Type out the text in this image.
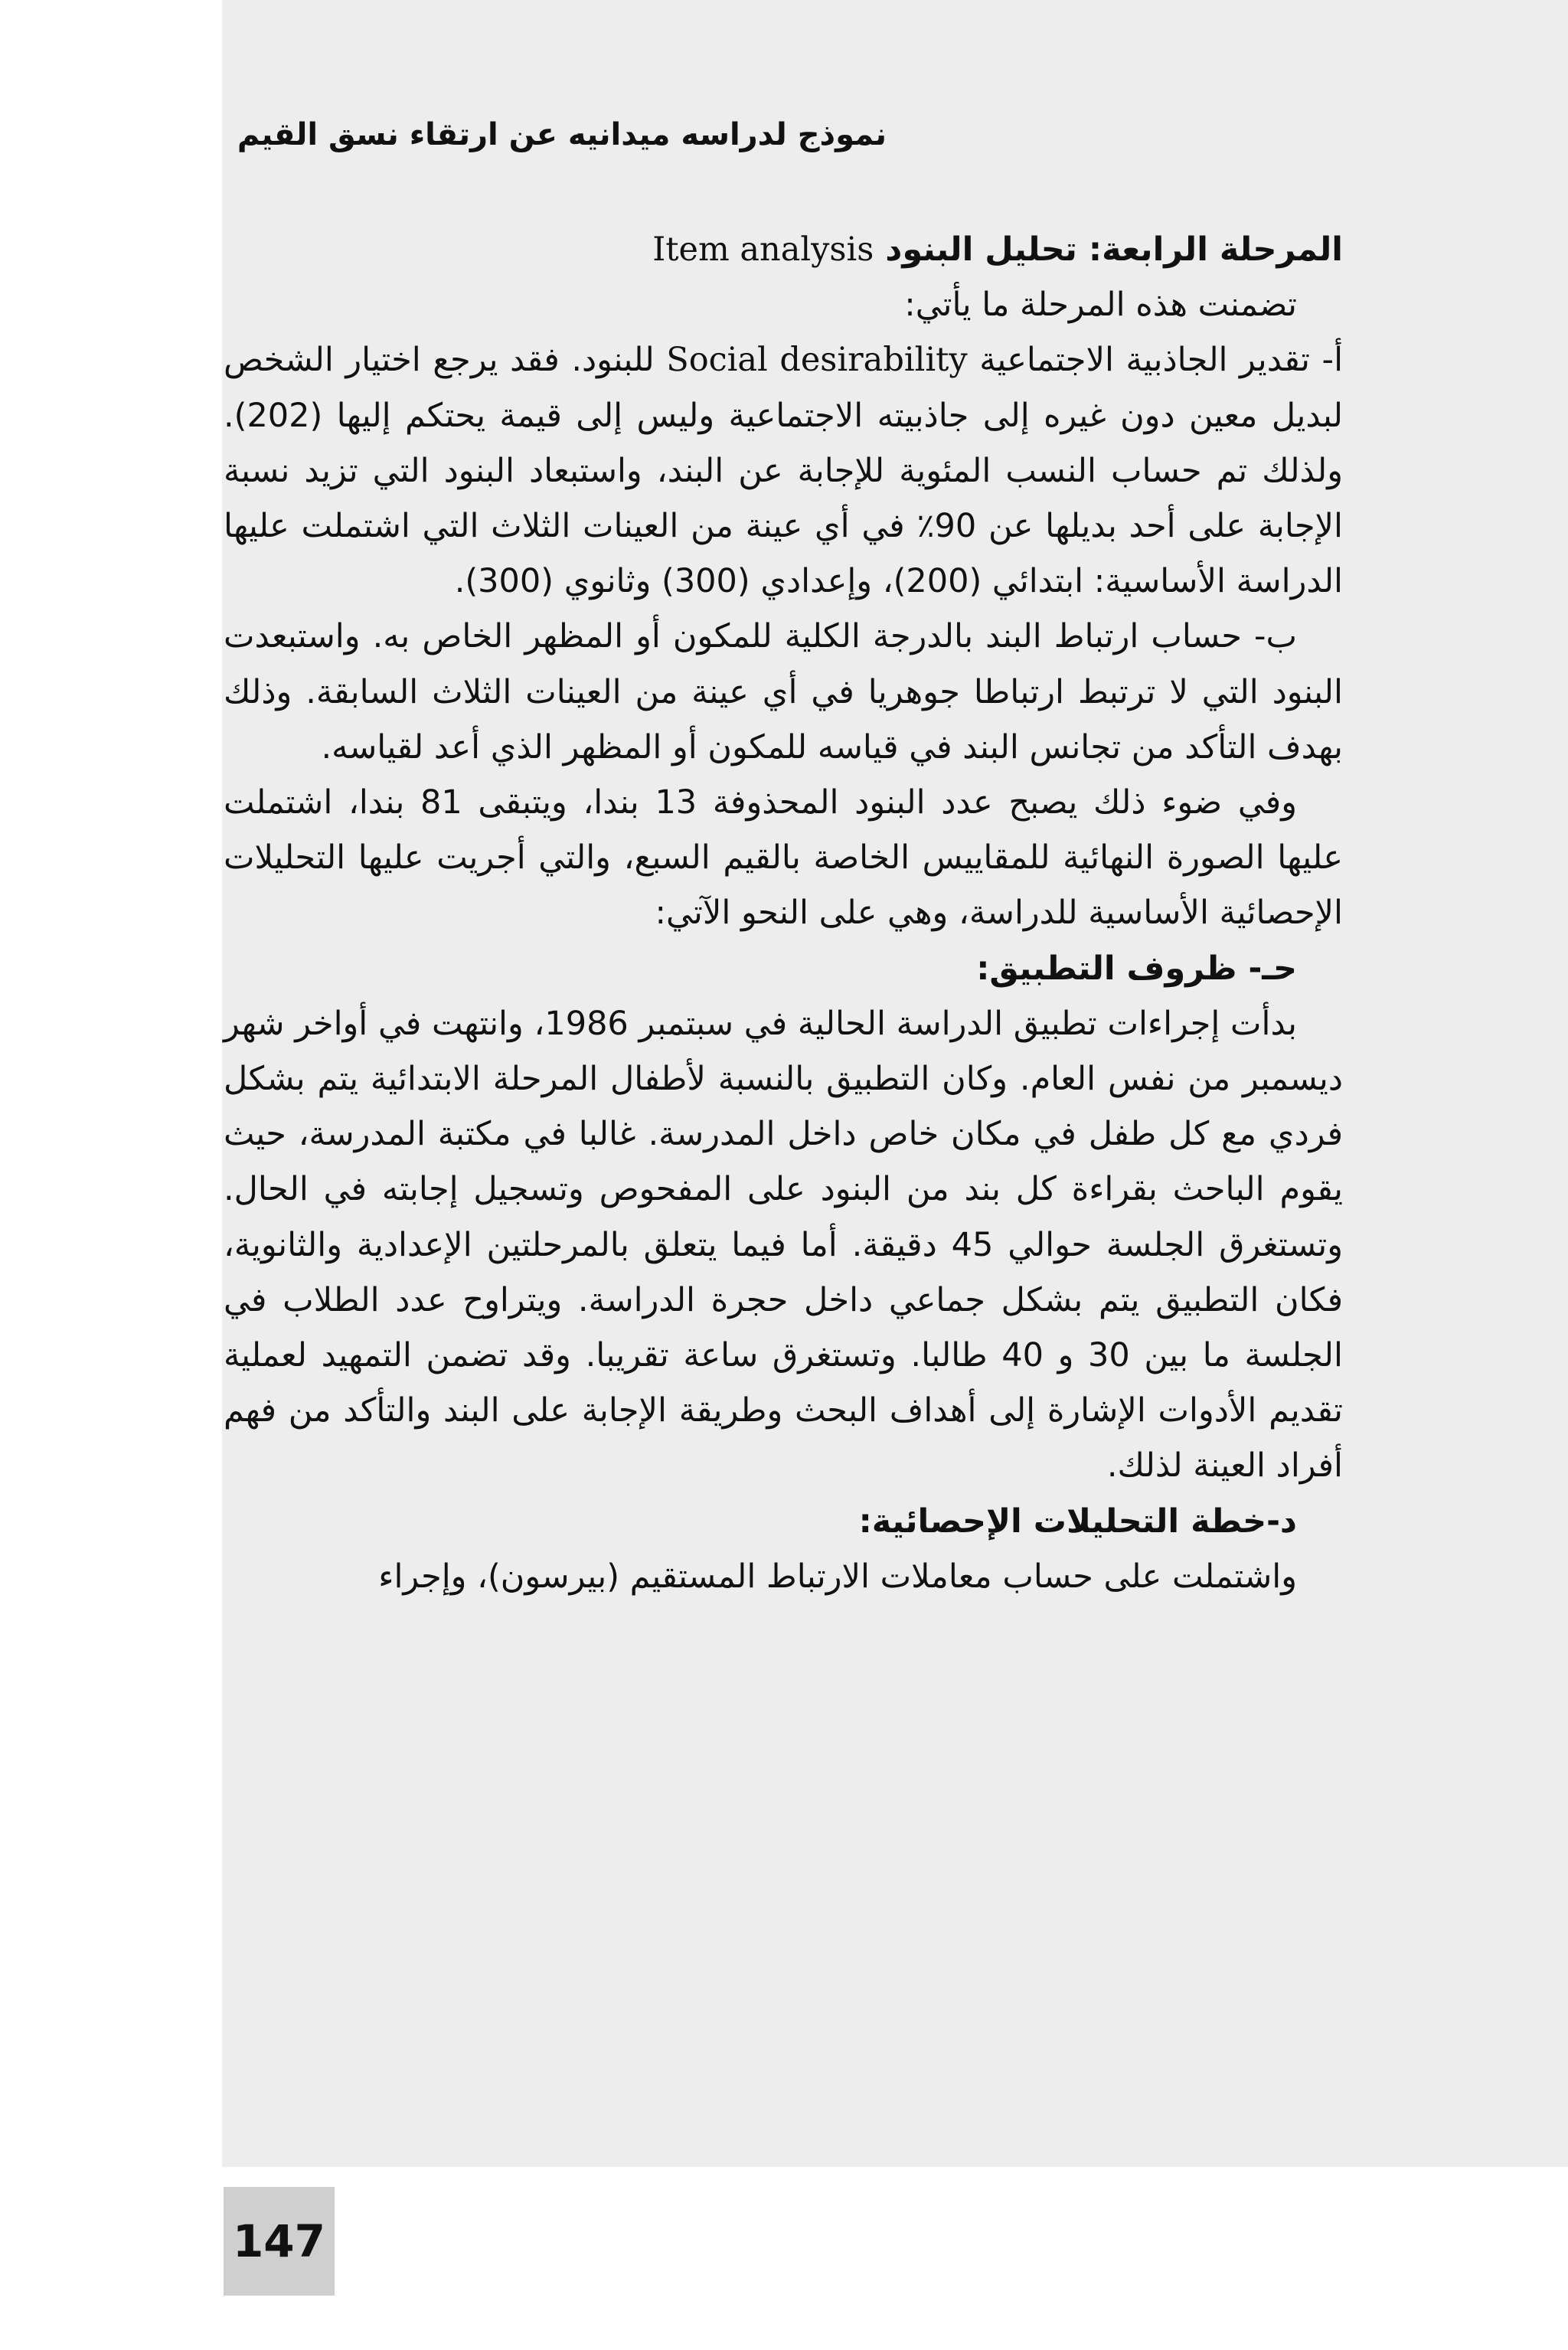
نموذج لدراسه ميدانيه عن ارتقاء نسق القيم

المرحلة الرابعة: تحليل البنود Item analysis

تضمنت هذه المرحلة ما يأتي:

أ- تقدير الجاذبية الاجتماعية Social desirability للبنود. فقد يرجع اختيار الشخص لبديل معين دون غيره إلى جاذبيته الاجتماعية وليس إلى قيمة يحتكم إليها (202). ولذلك تم حساب النسب المئوية للإجابة عن البند، واستبعاد البنود التي تزيد نسبة الإجابة على أحد بديلها عن 90٪ في أي عينة من العينات الثلاث التي اشتملت عليها الدراسة الأساسية: ابتدائي (200)، وإعدادي (300) وثانوي (300).

ب- حساب ارتباط البند بالدرجة الكلية للمكون أو المظهر الخاص به. واستبعدت البنود التي لا ترتبط ارتباطا جوهريا في أي عينة من العينات الثلاث السابقة. وذلك بهدف التأكد من تجانس البند في قياسه للمكون أو المظهر الذي أعد لقياسه.

وفي ضوء ذلك يصبح عدد البنود المحذوفة 13 بندا، ويتبقى 81 بندا، اشتملت عليها الصورة النهائية للمقاييس الخاصة بالقيم السبع، والتي أجريت عليها التحليلات الإحصائية الأساسية للدراسة، وهي على النحو الآتي:

حـ- ظروف التطبيق:

بدأت إجراءات تطبيق الدراسة الحالية في سبتمبر 1986، وانتهت في أواخر شهر ديسمبر من نفس العام. وكان التطبيق بالنسبة لأطفال المرحلة الابتدائية يتم بشكل فردي مع كل طفل في مكان خاص داخل المدرسة. غالبا في مكتبة المدرسة، حيث يقوم الباحث بقراءة كل بند من البنود على المفحوص وتسجيل إجابته في الحال. وتستغرق الجلسة حوالي 45 دقيقة. أما فيما يتعلق بالمرحلتين الإعدادية والثانوية، فكان التطبيق يتم بشكل جماعي داخل حجرة الدراسة. ويتراوح عدد الطلاب في الجلسة ما بين 30 و 40 طالبا. وتستغرق ساعة تقريبا. وقد تضمن التمهيد لعملية تقديم الأدوات الإشارة إلى أهداف البحث وطريقة الإجابة على البند والتأكد من فهم أفراد العينة لذلك.

د-خطة التحليلات الإحصائية:

واشتملت على حساب معاملات الارتباط المستقيم (بيرسون)، وإجراء

147
